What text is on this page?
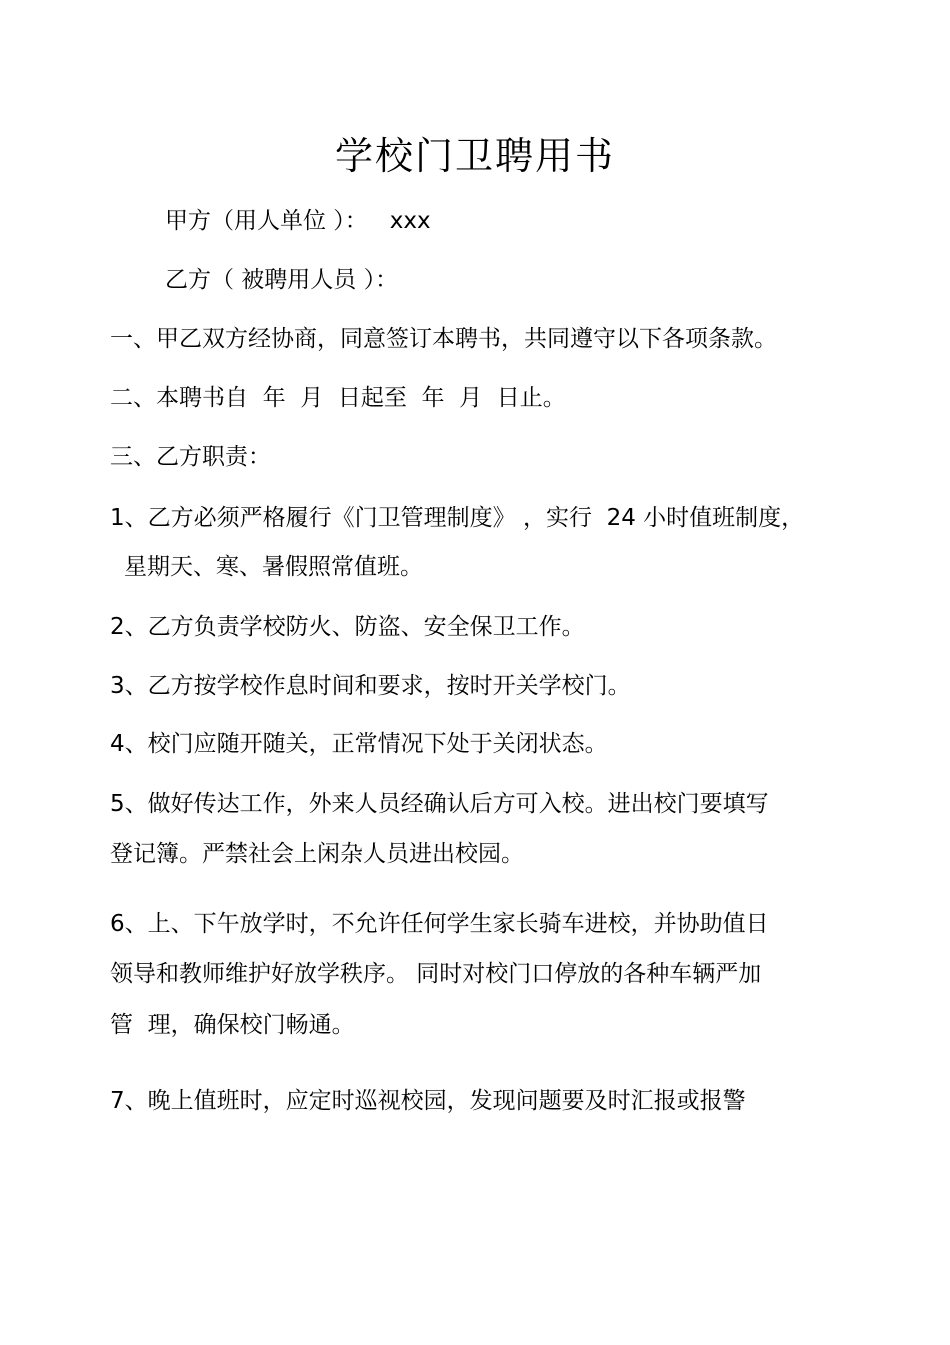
学校门卫聘用书

甲方（用人单位 ）：   xxx

乙方（ 被聘用人员 ）：

一、甲乙双方经协商，同意签订本聘书，共同遵守以下各项条款。

二、本聘书自  年  月  日起至  年  月  日止。

三、乙方职责：

1、乙方必须严格履行《门卫管理制度》 ，实行  24 小时值班制度，

星期天、寒、暑假照常值班。

2、乙方负责学校防火、防盗、安全保卫工作。

3、乙方按学校作息时间和要求，按时开关学校门。

4、校门应随开随关，正常情况下处于关闭状态。

5、做好传达工作，外来人员经确认后方可入校。进出校门要填写

登记簿。严禁社会上闲杂人员进出校园。

6、上、下午放学时，不允许任何学生家长骑车进校，并协助值日

领导和教师维护好放学秩序。 同时对校门口停放的各种车辆严加

管  理，确保校门畅通。

7、晚上值班时，应定时巡视校园，发现问题要及时汇报或报警
